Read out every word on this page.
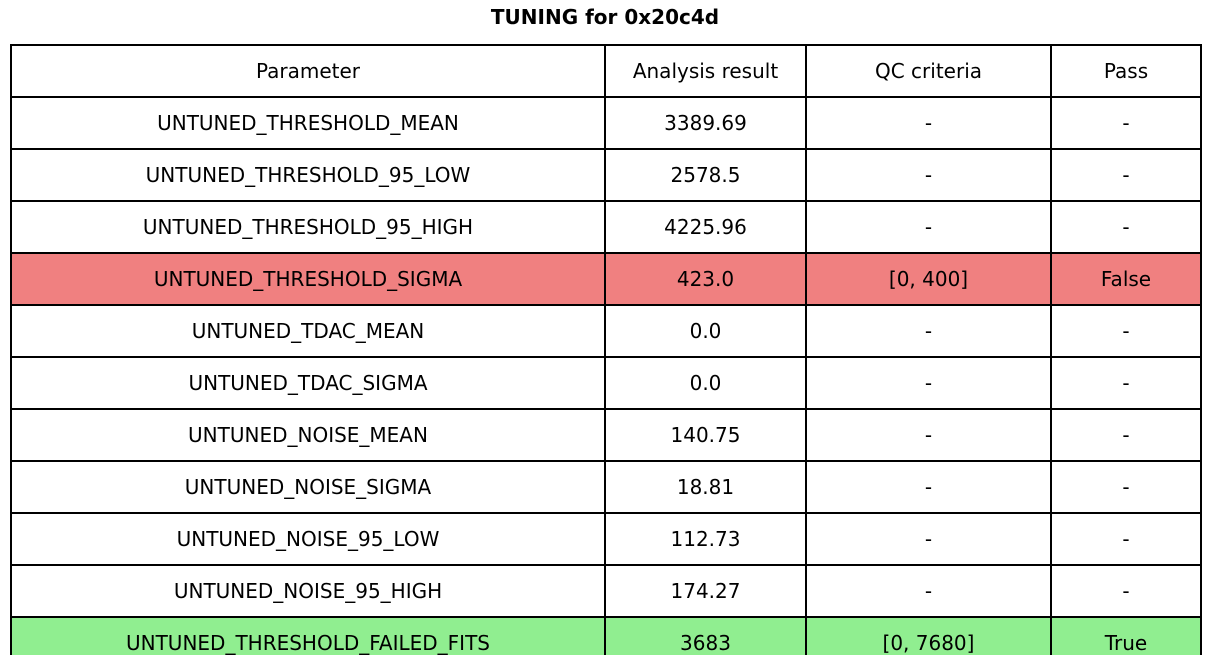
TUNING for 0x20c4d
Parameter	Analysis result	QC criteria	Pass
UNTUNED_THRESHOLD_MEAN	3389.69	-	-
UNTUNED_THRESHOLD_95_LOW	2578.5	-	-
UNTUNED_THRESHOLD_95_HIGH	4225.96	-	-
UNTUNED_THRESHOLD_SIGMA	423.0	[0, 400]	False
UNTUNED_TDAC_MEAN	0.0	-	-
UNTUNED_TDAC_SIGMA	0.0	-	-
UNTUNED_NOISE_MEAN	140.75	-	-
UNTUNED_NOISE_SIGMA	18.81	-	-
UNTUNED_NOISE_95_LOW	112.73	-	-
UNTUNED_NOISE_95_HIGH	174.27	-	-
UNTUNED_THRESHOLD_FAILED_FITS	3683	[0, 7680]	True
